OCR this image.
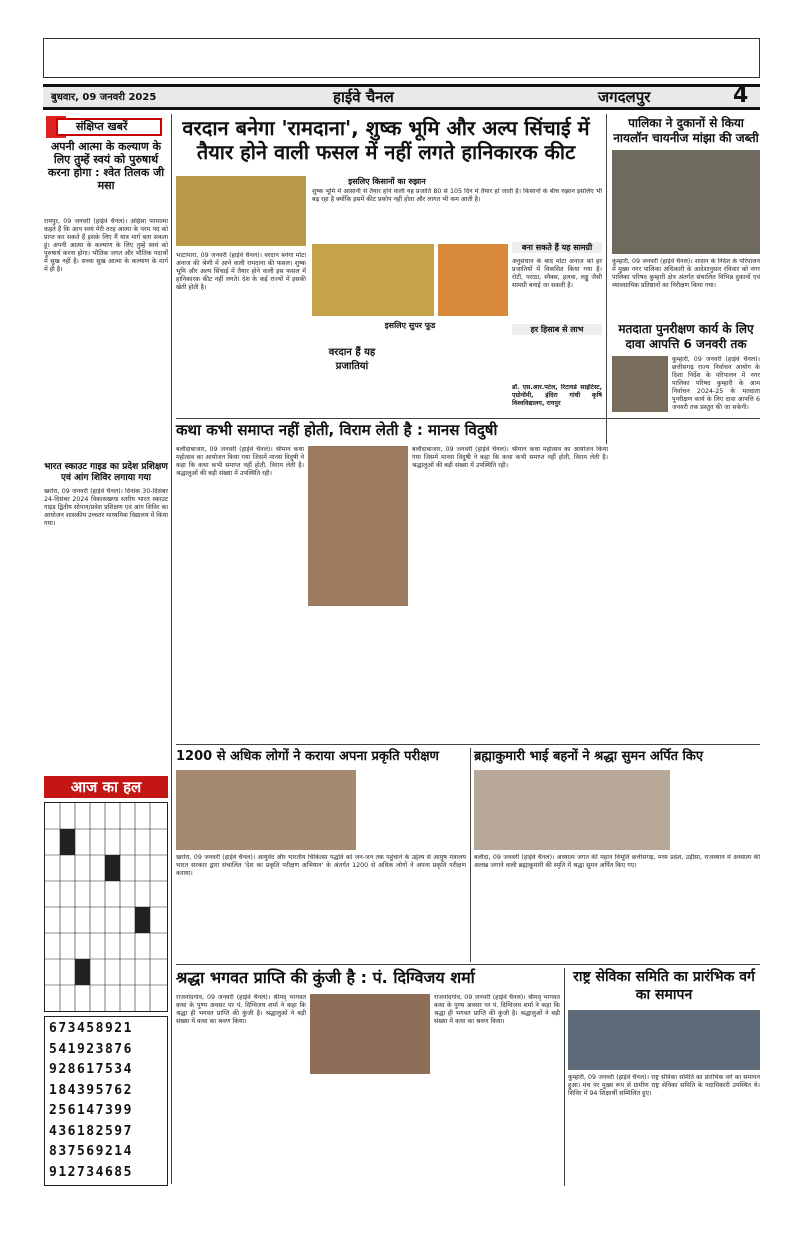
बुधवार, 09 जनवरी 2025	हाईवे चैनल	जगदलपुर	4
संक्षिप्त खबरें
अपनी आत्मा के कल्याण के लिए तुम्हें स्वयं को पुरुषार्थ करना होगा : श्वेत तिलक जी मसा
रायपुर, 09 जनवरी (हाईवे चैनल)। अहिंसा परमात्मा कहते हैं कि आप स्वयं मेरी तरह आत्मा के परम पद को प्राप्त कर सकते हैं इसके लिए मैं यात्र मार्ग बता सकता हूं। अपनी आत्मा के कल्याण के लिए तुम्हें स्वयं को पुरुषार्थ करना होगा। भौतिक जगत और भौतिक पदार्थों में सुख नहीं है। सच्चा सुख आत्मा के कल्याण के मार्ग में ही है।
भारत स्काउट गाइड का प्रदेश प्रशिक्षण एवं आंग शिविर लगाया गया
खरोरा, 09 जनवरी (हाईवे चैनल)। दिनांक 30-दिसंबर 24-दिसंबर 2024 विकासखण्ड स्तरीय भारत स्काउट गाइड द्वितीय सोपान/प्रवेश प्रशिक्षण एवं आंग शिविर का आयोजन शासकीय उच्चतर माध्यमिक विद्यालय में किया गया।
आज का हल
673458921
541923876
928617534
184395762
256147399
436182597
837569214
912734685
वरदान बनेगा 'रामदाना', शुष्क भूमि और अल्प सिंचाई में तैयार होने वाली फसल में नहीं लगते हानिकारक कीट
इसलिए किसानों का रुझान
शुष्क भूमि में आसानी से तैयार होने वाली यह प्रजाति 80 से 105 दिन में तैयार हो जाती है। किसानों के बीच रुझान इसलिए भी बढ़ रहा है क्योंकि इसमें कीट प्रकोप नहीं होता और लागत भी कम आती है।
भाटापारा, 09 जनवरी (हाईवे चैनल)। वरदान बनेगा मोटा अनाज की श्रेणी में आने वाली रामदाना की फसल। शुष्क भूमि और अल्प सिंचाई में तैयार होने वाली इस फसल में हानिकारक कीट नहीं लगते। देश के कई राज्यों में इसकी खेती होती है।
इसलिए सुपर फूड
वरदान हैं यह प्रजातियां
बना सकते हैं यह सामग्री
अनुसंधान के बाद मोटा अनाज को हर प्रजातियों में विकसित किया गया है। रोटी, पराठा, स्नैक्स, हलवा, लड्डू जैसी सामग्री बनाई जा सकती है।
हर हिसाब से लाभ
डॉ. एस.आर.पटेल, रिटायर्ड साइंटिस्ट, एग्रोनॉमी, इंदिरा गांधी कृषि विश्वविद्यालय, रायपुर
पालिका ने दुकानों से किया नायलॉन चायनीज मांझा की जब्ती
कुम्हारी, 09 जनवरी (हाईवे चैनल)। शासन के निर्देश के परिपालन में मुख्य नगर पालिका अधिकारी के आदेशानुसार रविवार को नगर पालिका परिषद कुम्हारी क्षेत्र अंतर्गत संचालित विभिन्न दुकानों एवं व्यावसायिक प्रतिष्ठानों का निरीक्षण किया गया।
मतदाता पुनरीक्षण कार्य के लिए दावा आपत्ति 6 जनवरी तक
कुम्हारी, 09 जनवरी (हाईवे चैनल)। छत्तीसगढ़ राज्य निर्वाचन आयोग के दिशा निर्देश के परिपालन में नगर पालिका परिषद कुम्हारी के आम निर्वाचन 2024-25 के मतदाता पुनरीक्षण कार्य के लिए दावा आपत्ति 6 जनवरी तक प्रस्तुत की जा सकेगी।
कथा कभी समाप्त नहीं होती, विराम लेती है : मानस विदुषी
बलौदाबाजार, 09 जनवरी (हाईवे चैनल)। श्रीमान कथा महोत्सव का आयोजन किया गया जिसमें मानस विदुषी ने कहा कि कथा कभी समाप्त नहीं होती, विराम लेती है। श्रद्धालुओं की बड़ी संख्या में उपस्थिति रही।
बलौदाबाजार, 09 जनवरी (हाईवे चैनल)। श्रीमान कथा महोत्सव का आयोजन किया गया जिसमें मानस विदुषी ने कहा कि कथा कभी समाप्त नहीं होती, विराम लेती है। श्रद्धालुओं की बड़ी संख्या में उपस्थिति रही।
1200 से अधिक लोगों ने कराया अपना प्रकृति परीक्षण
खरोरा, 09 जनवरी (हाईवे चैनल)। आयुर्वेद और भारतीय चिकित्सा पद्धति को जन-जन तक पहुंचाने के उद्देश्य से आयुष मंत्रालय भारत सरकार द्वारा संचालित 'देश का प्रकृति परीक्षण अभियान' के अंतर्गत 1200 से अधिक लोगों ने अपना प्रकृति परीक्षण कराया।
ब्रह्माकुमारी भाई बहनों ने श्रद्धा सुमन अर्पित किए
बलौदा, 09 जनवरी (हाईवे चैनल)। अध्यात्म जगत की महान विभूति छत्तीसगढ़, मध्य प्रदेश, उड़ीसा, राजस्थान में अध्यात्म की अलख जगाने वाली ब्रह्माकुमारी की स्मृति में श्रद्धा सुमन अर्पित किए गए।
श्रद्धा भगवत प्राप्ति की कुंजी है : पं. दिग्विजय शर्मा
राजनांदगांव, 09 जनवरी (हाईवे चैनल)। श्रीमद् भागवत कथा के पुण्य अवसर पर पं. दिग्विजय शर्मा ने कहा कि श्रद्धा ही भगवत प्राप्ति की कुंजी है। श्रद्धालुओं ने बड़ी संख्या में कथा का श्रवण किया।
राजनांदगांव, 09 जनवरी (हाईवे चैनल)। श्रीमद् भागवत कथा के पुण्य अवसर पर पं. दिग्विजय शर्मा ने कहा कि श्रद्धा ही भगवत प्राप्ति की कुंजी है। श्रद्धालुओं ने बड़ी संख्या में कथा का श्रवण किया।
राष्ट्र सेविका समिति का प्रारंभिक वर्ग का समापन
कुम्हारी, 09 जनवरी (हाईवे चैनल)। राष्ट्र सेविका समिति का प्रारंभिक वर्ग का समापन हुआ। मंच पर मुख्य रूप से ग्रामीण राष्ट्र सेविका समिति के पदाधिकारी उपस्थित थे। शिविर में 94 शिक्षार्थी सम्मिलित हुए।
